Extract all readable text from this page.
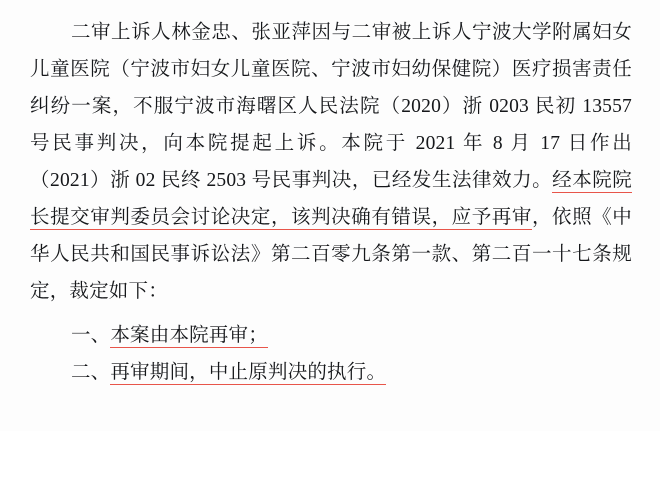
二审上诉人林金忠、张亚萍因与二审被上诉人宁波大学附属妇女儿童医院（宁波市妇女儿童医院、宁波市妇幼保健院）医疗损害责任纠纷一案，不服宁波市海曙区人民法院（2020）浙 0203 民初 13557 号民事判决，向本院提起上诉。本院于 2021 年 8 月 17 日作出（2021）浙 02 民终 2503 号民事判决，已经发生法律效力。经本院院长提交审判委员会讨论决定，该判决确有错误，应予再审，依照《中华人民共和国民事诉讼法》第二百零九条第一款、第二百一十七条规定，裁定如下：

一、本案由本院再审；

二、再审期间，中止原判决的执行。
